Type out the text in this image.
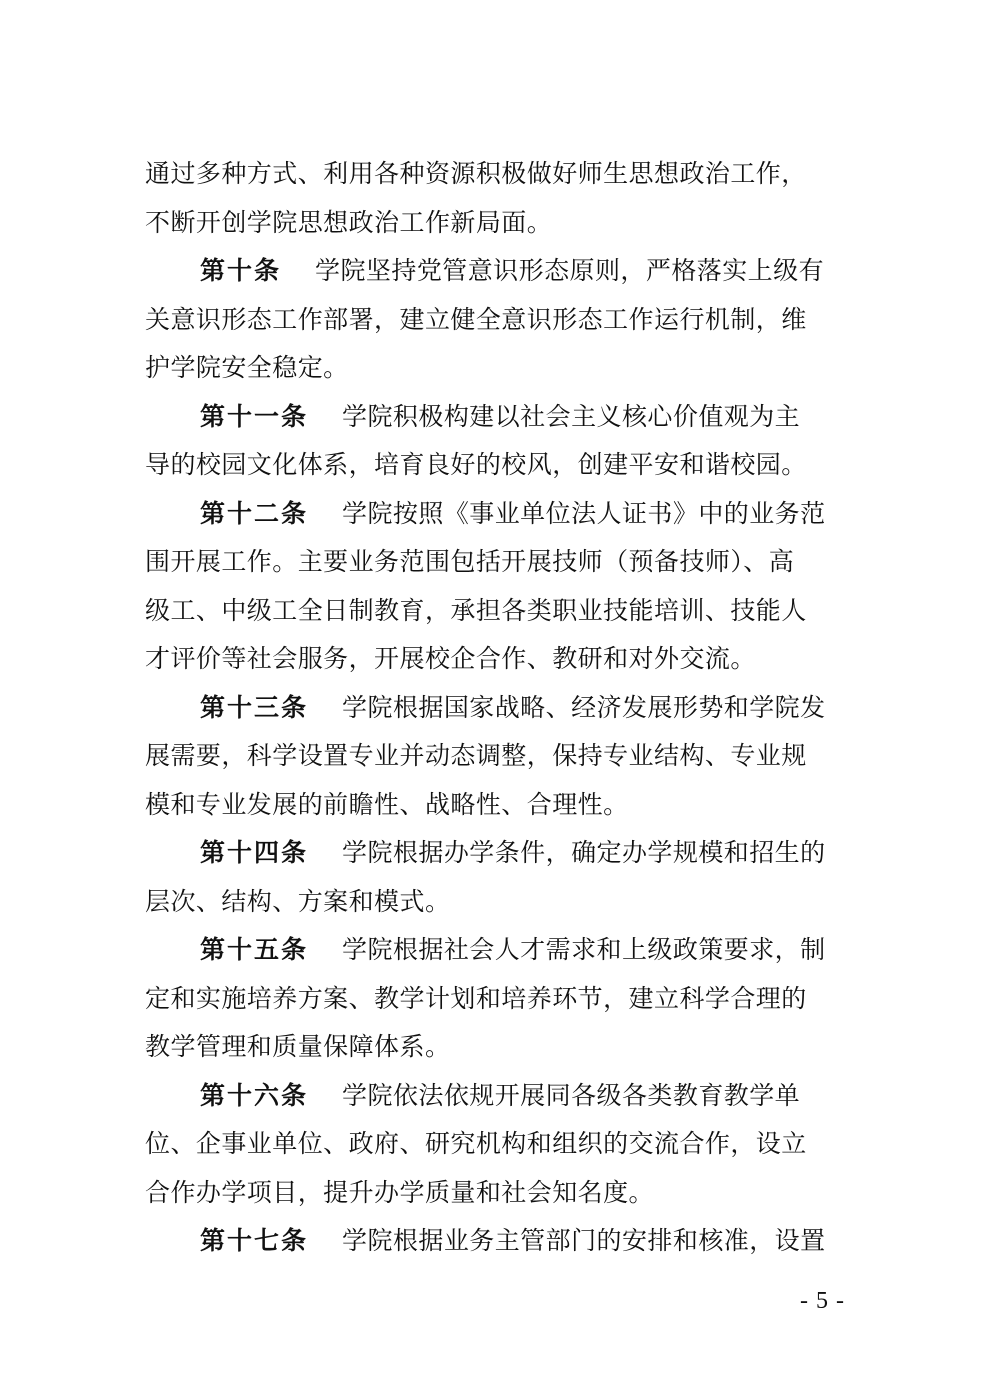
通过多种方式、利用各种资源积极做好师生思想政治工作，
不断开创学院思想政治工作新局面。
第十条 学院坚持党管意识形态原则，严格落实上级有
关意识形态工作部署，建立健全意识形态工作运行机制，维
护学院安全稳定。
第十一条 学院积极构建以社会主义核心价值观为主
导的校园文化体系，培育良好的校风，创建平安和谐校园。
第十二条 学院按照《事业单位法人证书》中的业务范
围开展工作。主要业务范围包括开展技师（预备技师）、高
级工、中级工全日制教育，承担各类职业技能培训、技能人
才评价等社会服务，开展校企合作、教研和对外交流。
第十三条 学院根据国家战略、经济发展形势和学院发
展需要，科学设置专业并动态调整，保持专业结构、专业规
模和专业发展的前瞻性、战略性、合理性。
第十四条 学院根据办学条件，确定办学规模和招生的
层次、结构、方案和模式。
第十五条 学院根据社会人才需求和上级政策要求，制
定和实施培养方案、教学计划和培养环节，建立科学合理的
教学管理和质量保障体系。
第十六条 学院依法依规开展同各级各类教育教学单
位、企事业单位、政府、研究机构和组织的交流合作，设立
合作办学项目，提升办学质量和社会知名度。
第十七条 学院根据业务主管部门的安排和核准，设置
- 5 -
